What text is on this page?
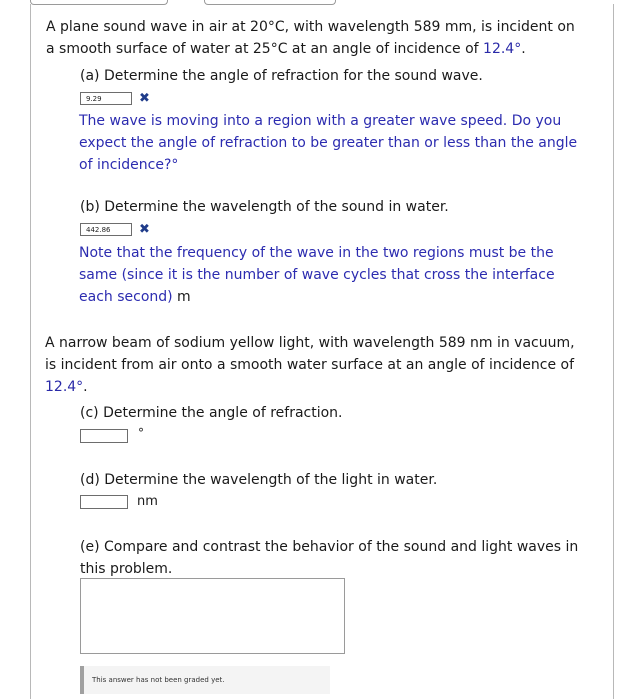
A plane sound wave in air at 20°C, with wavelength 589 mm, is incident on

a smooth surface of water at 25°C at an angle of incidence of 12.4°.

(a) Determine the angle of refraction for the sound wave.

9.29	✖

The wave is moving into a region with a greater wave speed. Do you

expect the angle of refraction to be greater than or less than the angle

of incidence?°

(b) Determine the wavelength of the sound in water.

442.86	✖

Note that the frequency of the wave in the two regions must be the

same (since it is the number of wave cycles that cross the interface

each second) m

A narrow beam of sodium yellow light, with wavelength 589 nm in vacuum,

is incident from air onto a smooth water surface at an angle of incidence of

12.4°.

(c) Determine the angle of refraction.

°

(d) Determine the wavelength of the light in water.

nm

(e) Compare and contrast the behavior of the sound and light waves in

this problem.

This answer has not been graded yet.
